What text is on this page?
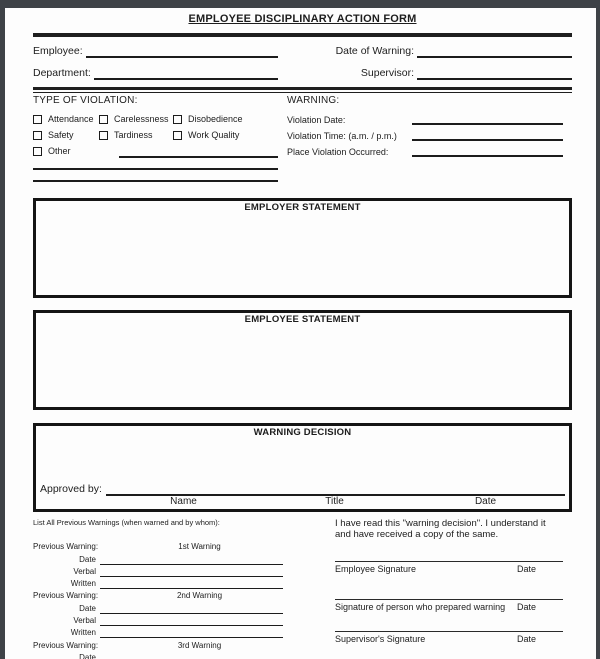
EMPLOYEE DISCIPLINARY ACTION FORM
Employee:	Date of Warning:
Department:	Supervisor:
TYPE OF VIOLATION:	WARNING:
Attendance Carelessness Disobedience
Safety	Tardiness	Work Quality
Other
Violation Date:
Violation Time: (a.m. / p.m.)
Place Violation Occurred:
EMPLOYER STATEMENT
EMPLOYEE STATEMENT
WARNING DECISION
Approved by:
Name	Title	Date
List All Previous Warnings (when warned and by whom):
Previous Warning:	1st Warning
Date
Verbal
Written
Previous Warning:	2nd Warning
Date
Verbal
Written
Previous Warning:	3rd Warning
Date
I have read this "warning decision". I understand it
and have received a copy of the same.
Employee Signature	Date
Signature of person who prepared warning	Date
Supervisor's Signature	Date
